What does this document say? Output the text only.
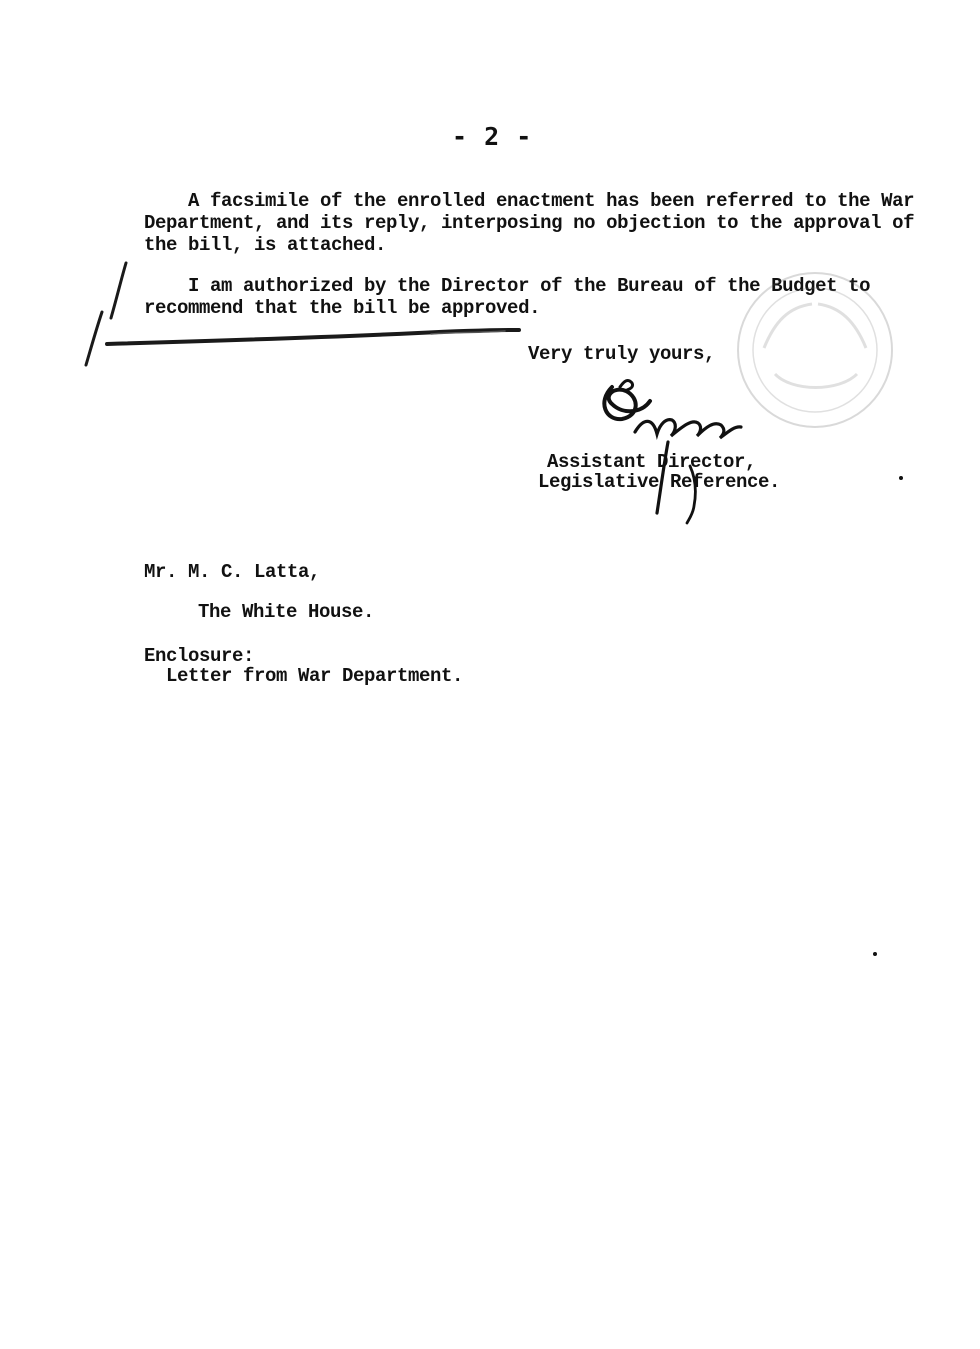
- 2 -
A facsimile of the enrolled enactment has been referred to the War
Department, and its reply, interposing no objection to the approval of
the bill, is attached.
I am authorized by the Director of the Bureau of the Budget to
recommend that the bill be approved.
Very truly yours,
Assistant Director,
Legislative Reference.
Mr. M. C. Latta,
The White House.
Enclosure:
Letter from War Department.
